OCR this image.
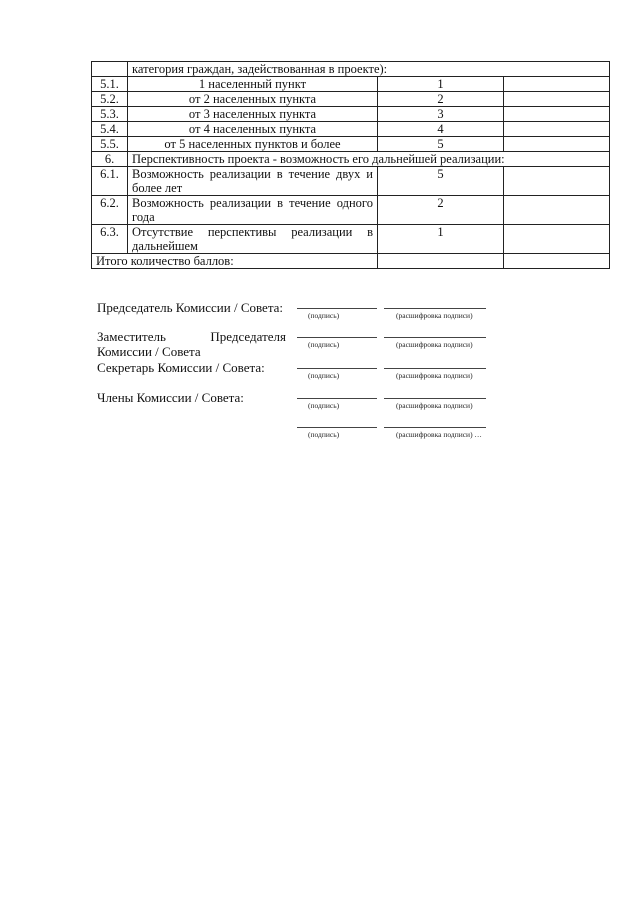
	категория граждан, задействованная в проекте):		
5.1.	1 населенный пункт	1	
5.2.	от 2 населенных пункта	2	
5.3.	от 3 населенных пункта	3	
5.4.	от 4 населенных пункта	4	
5.5.	от 5 населенных пунктов и более	5	
6.	Перспективность проекта - возможность его дальнейшей реализации:		
6.1.	Возможность реализации в течение двух и более лет	5	
6.2.	Возможность реализации в течение одного года	2	
6.3.	Отсутствие перспективы реализации в дальнейшем	1	
Итого количество баллов:			
Председатель Комиссии / Совета:
(подпись)	(расшифровка подписи)
Заместитель Председателя Комиссии / Совета	(подпись)	(расшифровка подписи)
Секретарь Комиссии / Совета:
(подпись)	(расшифровка подписи)
Члены Комиссии / Совета:
(подпись)	(расшифровка подписи)
(подпись)	(расшифровка подписи) …
